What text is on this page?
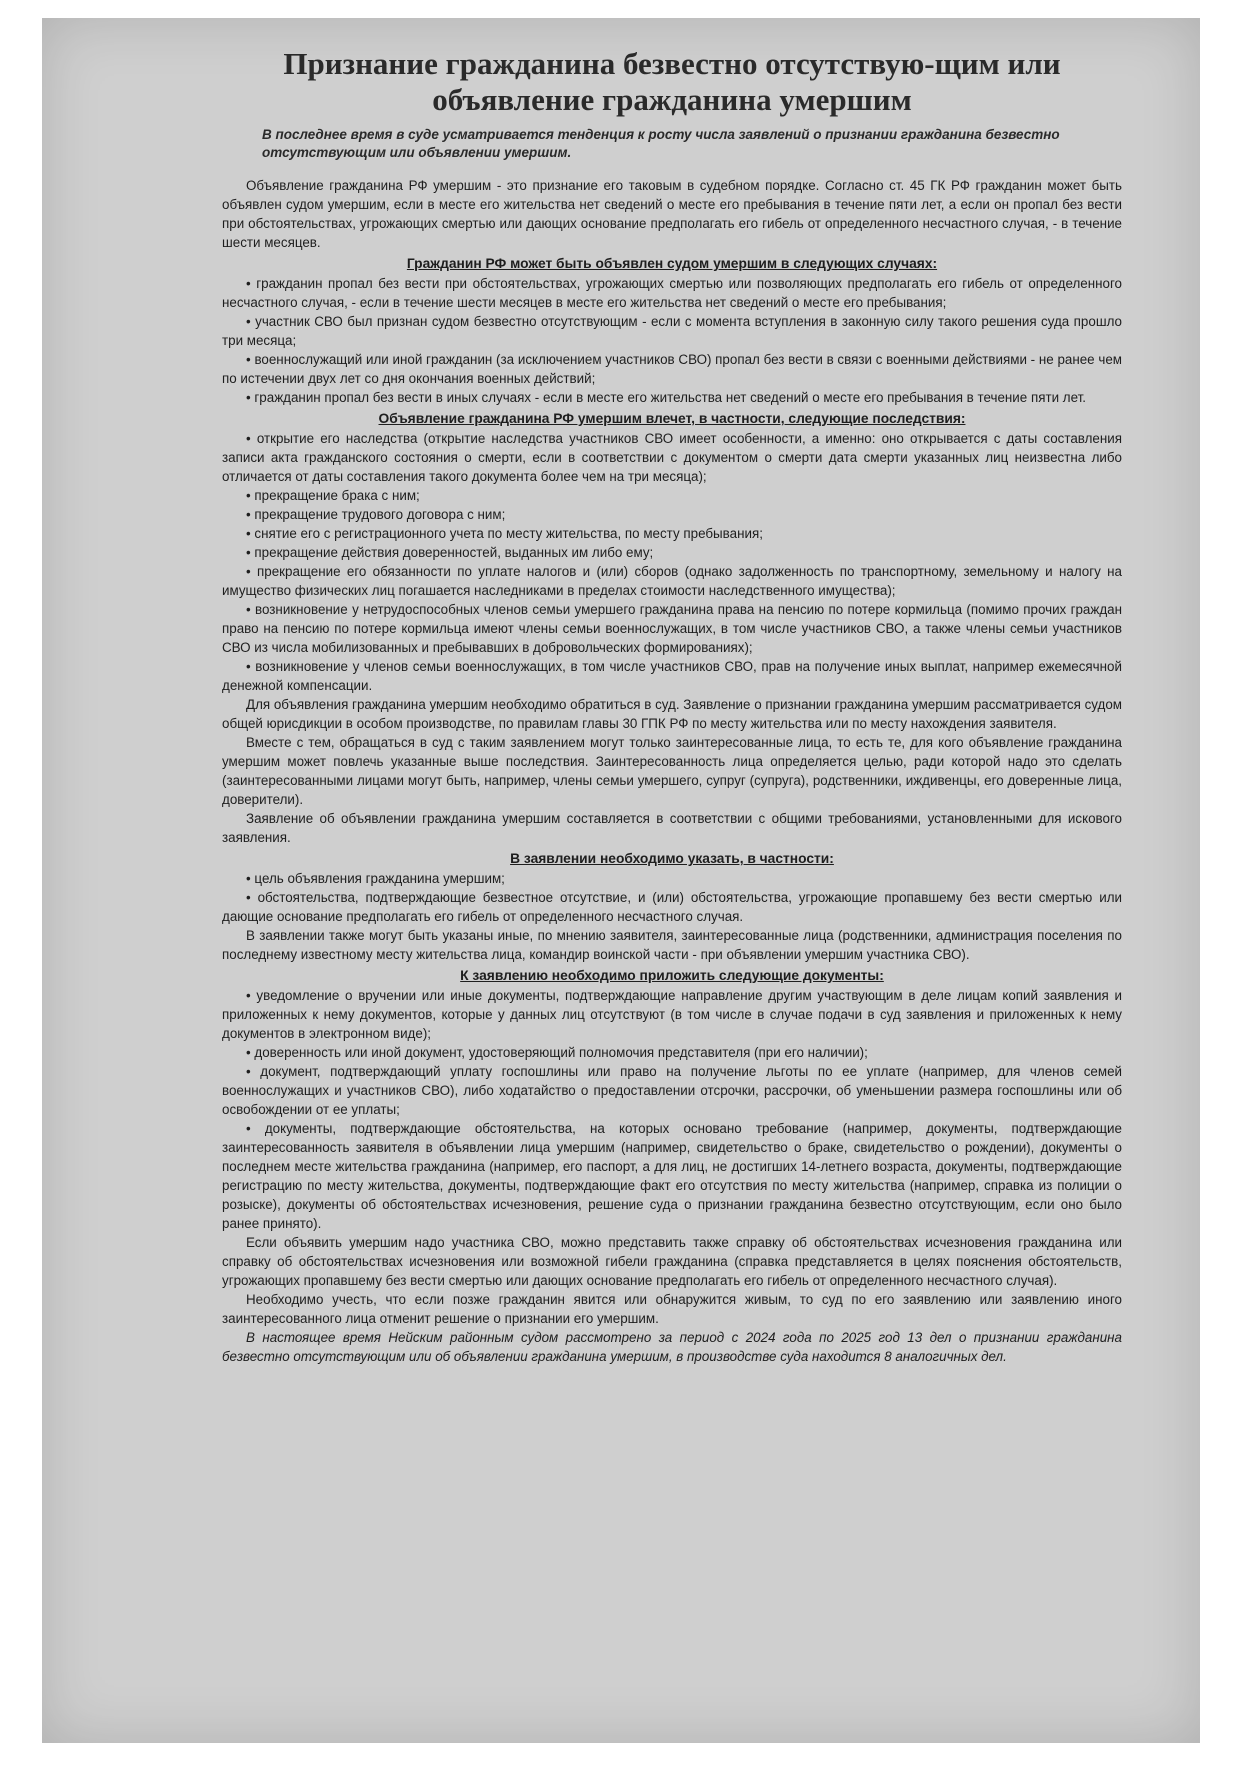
Признание гражданина безвестно отсутствую-щим или объявление гражданина умершим
В последнее время в суде усматривается тенденция к росту числа заявлений о признании гражданина безвестно отсутствующим или объявлении умершим.

Объявление гражданина РФ умершим - это признание его таковым в судебном порядке. Согласно ст. 45 ГК РФ гражданин может быть объявлен судом умершим, если в месте его жительства нет сведений о месте его пребывания в течение пяти лет, а если он пропал без вести при обстоятельствах, угрожающих смертью или дающих основание предполагать его гибель от определенного несчастного случая, - в течение шести месяцев.

Гражданин РФ может быть объявлен судом умершим в следующих случаях:

• гражданин пропал без вести при обстоятельствах, угрожающих смертью или позволяющих предполагать его гибель от определенного несчастного случая, - если в течение шести месяцев в месте его жительства нет сведений о месте его пребывания;

• участник СВО был признан судом безвестно отсутствующим - если с момента вступления в законную силу такого решения суда прошло три месяца;

• военнослужащий или иной гражданин (за исключением участников СВО) пропал без вести в связи с военными действиями - не ранее чем по истечении двух лет со дня окончания военных действий;

• гражданин пропал без вести в иных случаях - если в месте его жительства нет сведений о месте его пребывания в течение пяти лет.

Объявление гражданина РФ умершим влечет, в частности, следующие последствия:

• открытие его наследства (открытие наследства участников СВО имеет особенности, а именно: оно открывается с даты составления записи акта гражданского состояния о смерти, если в соответствии с документом о смерти дата смерти указанных лиц неизвестна либо отличается от даты составления такого документа более чем на три месяца);

• прекращение брака с ним;

• прекращение трудового договора с ним;

• снятие его с регистрационного учета по месту жительства, по месту пребывания;

• прекращение действия доверенностей, выданных им либо ему;

• прекращение его обязанности по уплате налогов и (или) сборов (однако задолженность по транспортному, земельному и налогу на имущество физических лиц погашается наследниками в пределах стоимости наследственного имущества);

• возникновение у нетрудоспособных членов семьи умершего гражданина права на пенсию по потере кормильца (помимо прочих граждан право на пенсию по потере кормильца имеют члены семьи военнослужащих, в том числе участников СВО, а также члены семьи участников СВО из числа мобилизованных и пребывавших в добровольческих формированиях);

• возникновение у членов семьи военнослужащих, в том числе участников СВО, прав на получение иных выплат, например ежемесячной денежной компенсации.

Для объявления гражданина умершим необходимо обратиться в суд. Заявление о признании гражданина умершим рассматривается судом общей юрисдикции в особом производстве, по правилам главы 30 ГПК РФ по месту жительства или по месту нахождения заявителя.

Вместе с тем, обращаться в суд с таким заявлением могут только заинтересованные лица, то есть те, для кого объявление гражданина умершим может повлечь указанные выше последствия. Заинтересованность лица определяется целью, ради которой надо это сделать (заинтересованными лицами могут быть, например, члены семьи умершего, супруг (супруга), родственники, иждивенцы, его доверенные лица, доверители).

Заявление об объявлении гражданина умершим составляется в соответствии с общими требованиями, установленными для искового заявления.

В заявлении необходимо указать, в частности:

• цель объявления гражданина умершим;

• обстоятельства, подтверждающие безвестное отсутствие, и (или) обстоятельства, угрожающие пропавшему без вести смертью или дающие основание предполагать его гибель от определенного несчастного случая.

В заявлении также могут быть указаны иные, по мнению заявителя, заинтересованные лица (родственники, администрация поселения по последнему известному месту жительства лица, командир воинской части - при объявлении умершим участника СВО).

К заявлению необходимо приложить следующие документы:

• уведомление о вручении или иные документы, подтверждающие направление другим участвующим в деле лицам копий заявления и приложенных к нему документов, которые у данных лиц отсутствуют (в том числе в случае подачи в суд заявления и приложенных к нему документов в электронном виде);

• доверенность или иной документ, удостоверяющий полномочия представителя (при его наличии);

• документ, подтверждающий уплату госпошлины или право на получение льготы по ее уплате (например, для членов семей военнослужащих и участников СВО), либо ходатайство о предоставлении отсрочки, рассрочки, об уменьшении размера госпошлины или об освобождении от ее уплаты;

• документы, подтверждающие обстоятельства, на которых основано требование (например, документы, подтверждающие заинтересованность заявителя в объявлении лица умершим (например, свидетельство о браке, свидетельство о рождении), документы о последнем месте жительства гражданина (например, его паспорт, а для лиц, не достигших 14-летнего возраста, документы, подтверждающие регистрацию по месту жительства, документы, подтверждающие факт его отсутствия по месту жительства (например, справка из полиции о розыске), документы об обстоятельствах исчезновения, решение суда о признании гражданина безвестно отсутствующим, если оно было ранее принято).

Если объявить умершим надо участника СВО, можно представить также справку об обстоятельствах исчезновения гражданина или справку об обстоятельствах исчезновения или возможной гибели гражданина (справка представляется в целях пояснения обстоятельств, угрожающих пропавшему без вести смертью или дающих основание предполагать его гибель от определенного несчастного случая).

Необходимо учесть, что если позже гражданин явится или обнаружится живым, то суд по его заявлению или заявлению иного заинтересованного лица отменит решение о признании его умершим.

В настоящее время Нейским районным судом рассмотрено за период с 2024 года по 2025 год 13 дел о признании гражданина безвестно отсутствующим или об объявлении гражданина умершим, в производстве суда находится 8 аналогичных дел.
